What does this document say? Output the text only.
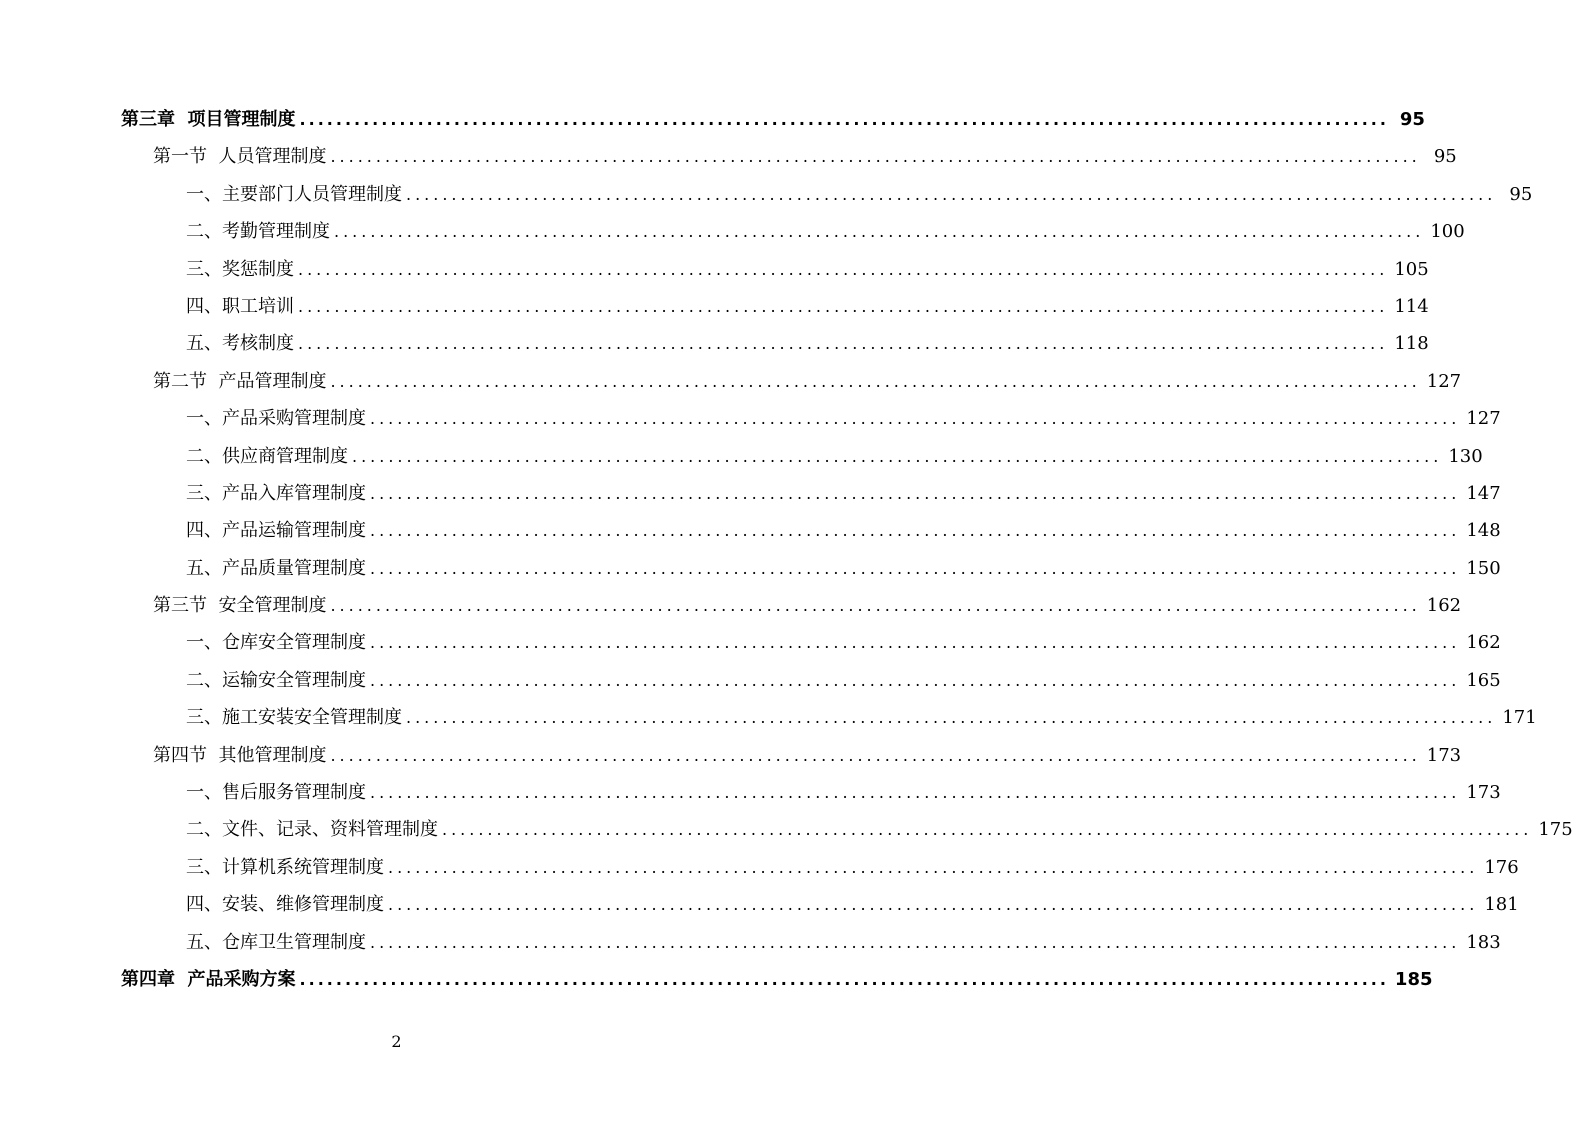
第三章  项目管理制度 ........................................................................................................................ 95
第一节  人员管理制度 ........................................................................................................................ 95
一、主要部门人员管理制度 ........................................................................................................................ 95
二、考勤管理制度 ........................................................................................................................ 100
三、奖惩制度 ........................................................................................................................ 105
四、职工培训 ........................................................................................................................ 114
五、考核制度 ........................................................................................................................ 118
第二节  产品管理制度 ........................................................................................................................ 127
一、产品采购管理制度 ........................................................................................................................ 127
二、供应商管理制度 ........................................................................................................................ 130
三、产品入库管理制度 ........................................................................................................................ 147
四、产品运输管理制度 ........................................................................................................................ 148
五、产品质量管理制度 ........................................................................................................................ 150
第三节  安全管理制度 ........................................................................................................................ 162
一、仓库安全管理制度 ........................................................................................................................ 162
二、运输安全管理制度 ........................................................................................................................ 165
三、施工安装安全管理制度 ........................................................................................................................ 171
第四节  其他管理制度 ........................................................................................................................ 173
一、售后服务管理制度 ........................................................................................................................ 173
二、文件、记录、资料管理制度 ........................................................................................................................ 175
三、计算机系统管理制度 ........................................................................................................................ 176
四、安装、维修管理制度 ........................................................................................................................ 181
五、仓库卫生管理制度 ........................................................................................................................ 183
第四章  产品采购方案 ........................................................................................................................ 185
2
